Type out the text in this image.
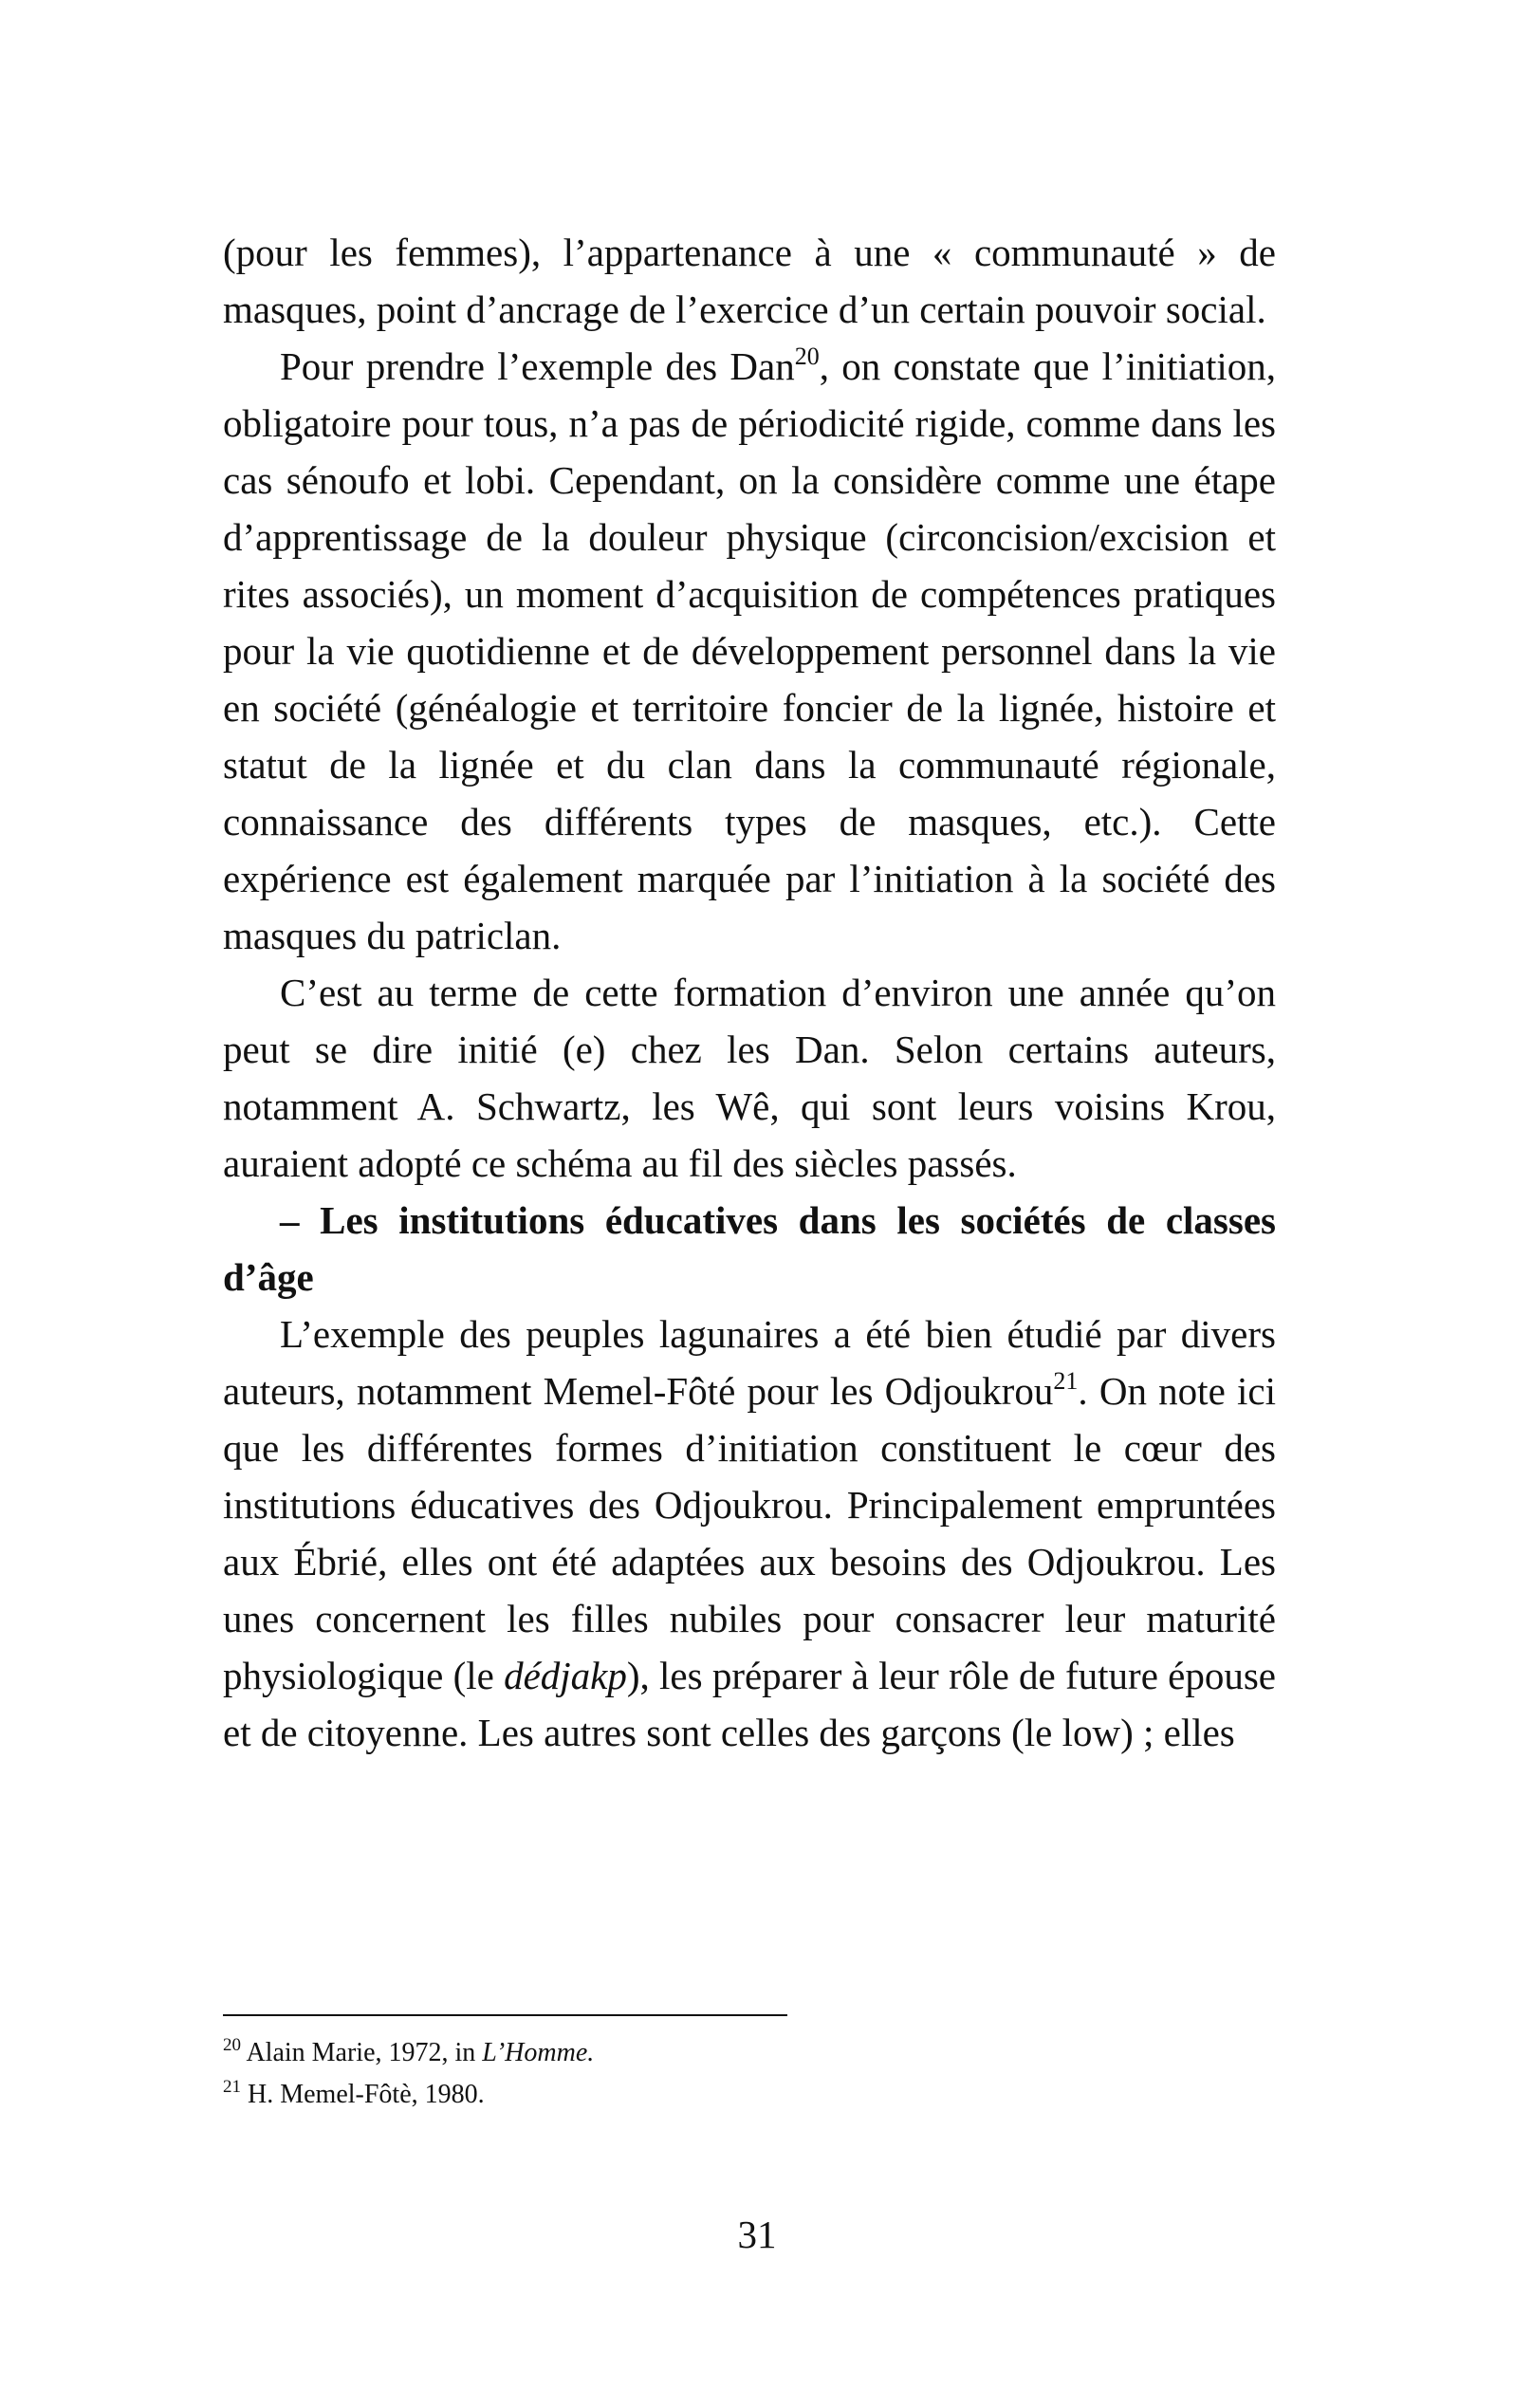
(pour les femmes), l’appartenance à une « communauté » de masques, point d’ancrage de l’exercice d’un certain pouvoir social.

Pour prendre l’exemple des Dan$^{20}$, on constate que l’initiation, obligatoire pour tous, n’a pas de périodicité rigide, comme dans les cas sénoufo et lobi. Cependant, on la considère comme une étape d’apprentissage de la douleur physique (circoncision/excision et rites associés), un moment d’acquisition de compétences pratiques pour la vie quotidienne et de développement personnel dans la vie en société (généalogie et territoire foncier de la lignée, histoire et statut de la lignée et du clan dans la communauté régionale, connaissance des différents types de masques, etc.). Cette expérience est également marquée par l’initiation à la société des masques du patriclan.

C’est au terme de cette formation d’environ une année qu’on peut se dire initié (e) chez les Dan. Selon certains auteurs, notamment A. Schwartz, les Wê, qui sont leurs voisins Krou, auraient adopté ce schéma au fil des siècles passés.

– Les institutions éducatives dans les sociétés de classes d’âge

L’exemple des peuples lagunaires a été bien étudié par divers auteurs, notamment Memel-Fôté pour les Odjoukrou$^{21}$. On note ici que les différentes formes d’initiation constituent le cœur des institutions éducatives des Odjoukrou. Principalement empruntées aux Ébrié, elles ont été adaptées aux besoins des Odjoukrou. Les unes concernent les filles nubiles pour consacrer leur maturité physiologique (le dédjakp), les préparer à leur rôle de future épouse et de citoyenne. Les autres sont celles des garçons (le low) ; elles

$^{20}$ Alain Marie, 1972, in L’Homme.

$^{21}$ H. Memel-Fôtè, 1980.

31
